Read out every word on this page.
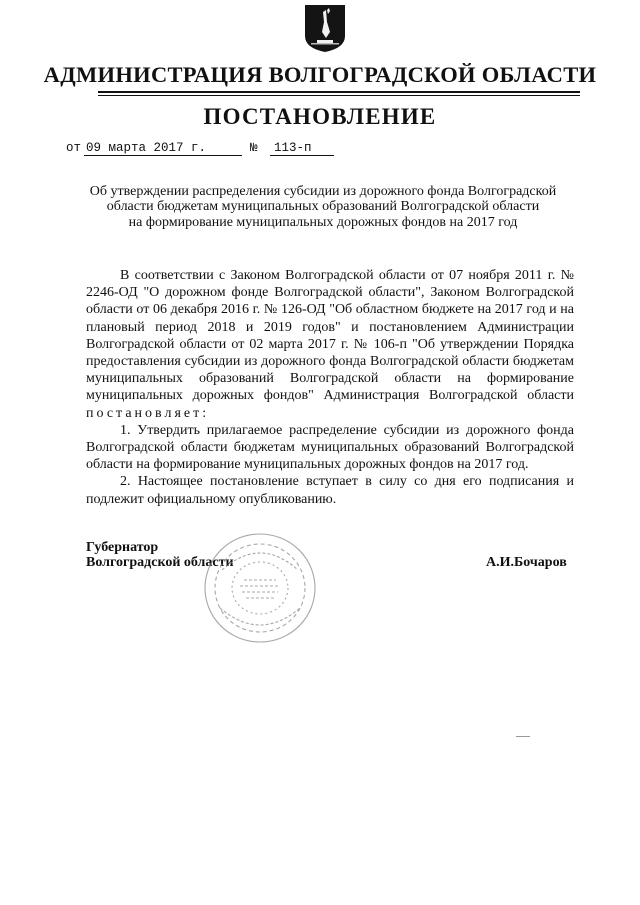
АДМИНИСТРАЦИЯ ВОЛГОГРАДСКОЙ ОБЛАСТИ
ПОСТАНОВЛЕНИЕ
от 09 марта 2017 г.	№	113-п
Об утверждении распределения субсидии из дорожного фонда Волгоградской
области бюджетам муниципальных образований Волгоградской области
на формирование муниципальных дорожных фондов на 2017 год

В соответствии с Законом Волгоградской области от 07 ноября 2011 г. № 2246-ОД "О дорожном фонде Волгоградской области", Законом Волгоградской области от 06 декабря 2016 г. № 126-ОД "Об областном бюджете на 2017 год и на плановый период 2018 и 2019 годов" и постановлением Администрации Волгоградской области от 02 марта 2017 г. № 106-п "Об утверждении Порядка предоставления субсидии из дорожного фонда Волгоградской области бюджетам муниципальных образований Волгоградской области на формирование муниципальных дорожных фондов" Администрация Волгоградской области постановляет:

1. Утвердить прилагаемое распределение субсидии из дорожного фонда Волгоградской области бюджетам муниципальных образований Волгоградской области на формирование муниципальных дорожных фондов на 2017 год.

2. Настоящее постановление вступает в силу со дня его подписания и подлежит официальному опубликованию.

Губернатор
Волгоградской области	А.И.Бочаров
